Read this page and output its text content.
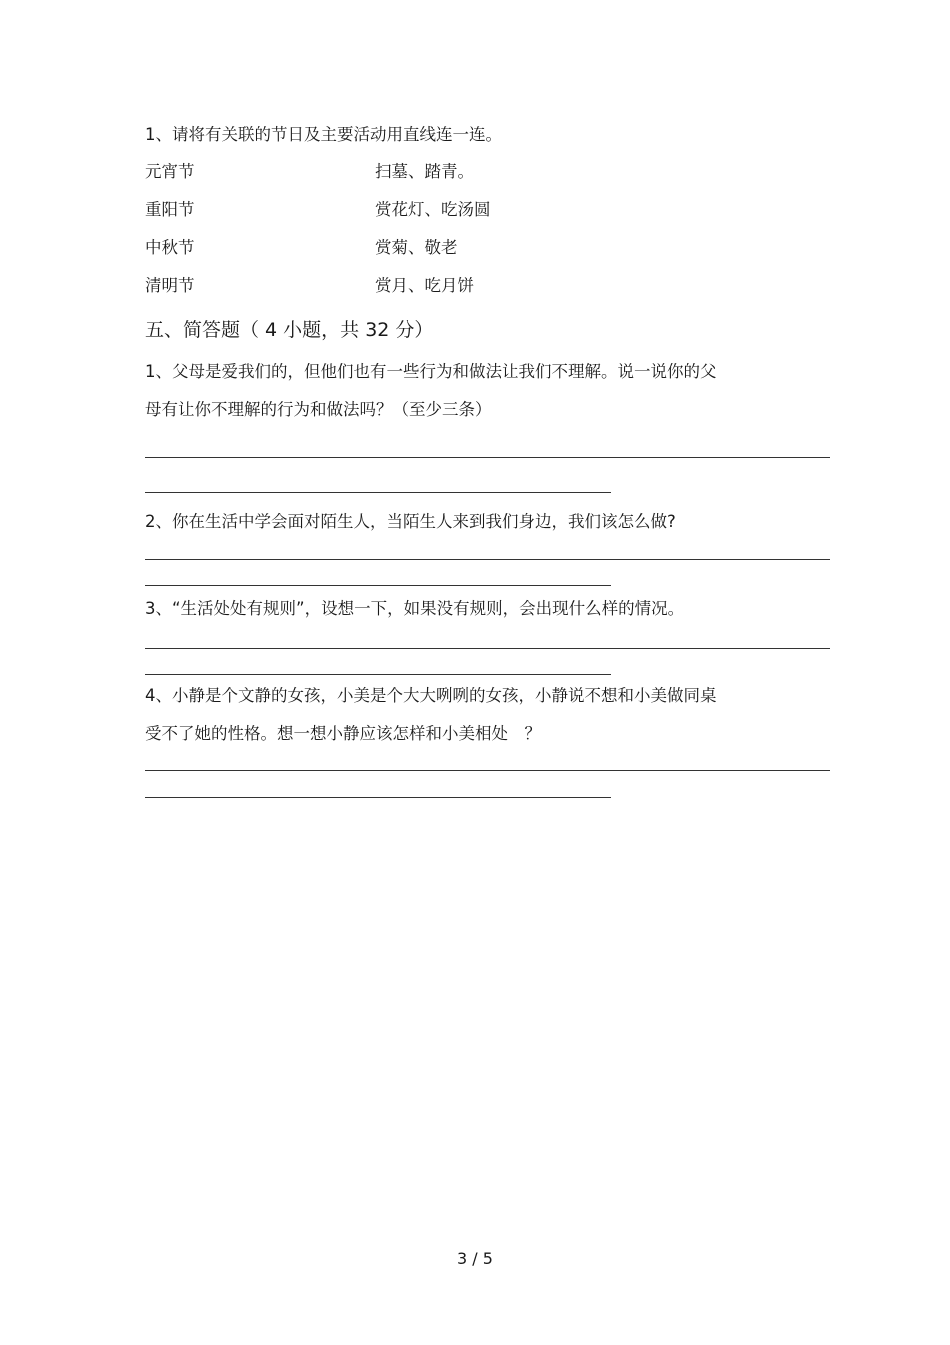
1、请将有关联的节日及主要活动用直线连一连。
元宵节	扫墓、踏青。
重阳节	赏花灯、吃汤圆
中秋节	赏菊、敬老
清明节	赏月、吃月饼
五、简答题（ 4 小题，共 32 分）
1、父母是爱我们的，但他们也有一些行为和做法让我们不理解。说一说你的父
母有让你不理解的行为和做法吗？（至少三条）
2、你在生活中学会面对陌生人，当陌生人来到我们身边，我们该怎么做?
3、“生活处处有规则”，设想一下，如果没有规则，会出现什么样的情况。
4、小静是个文静的女孩，小美是个大大咧咧的女孩，小静说不想和小美做同桌
受不了她的性格。想一想小静应该怎样和小美相处　？
3 / 5
